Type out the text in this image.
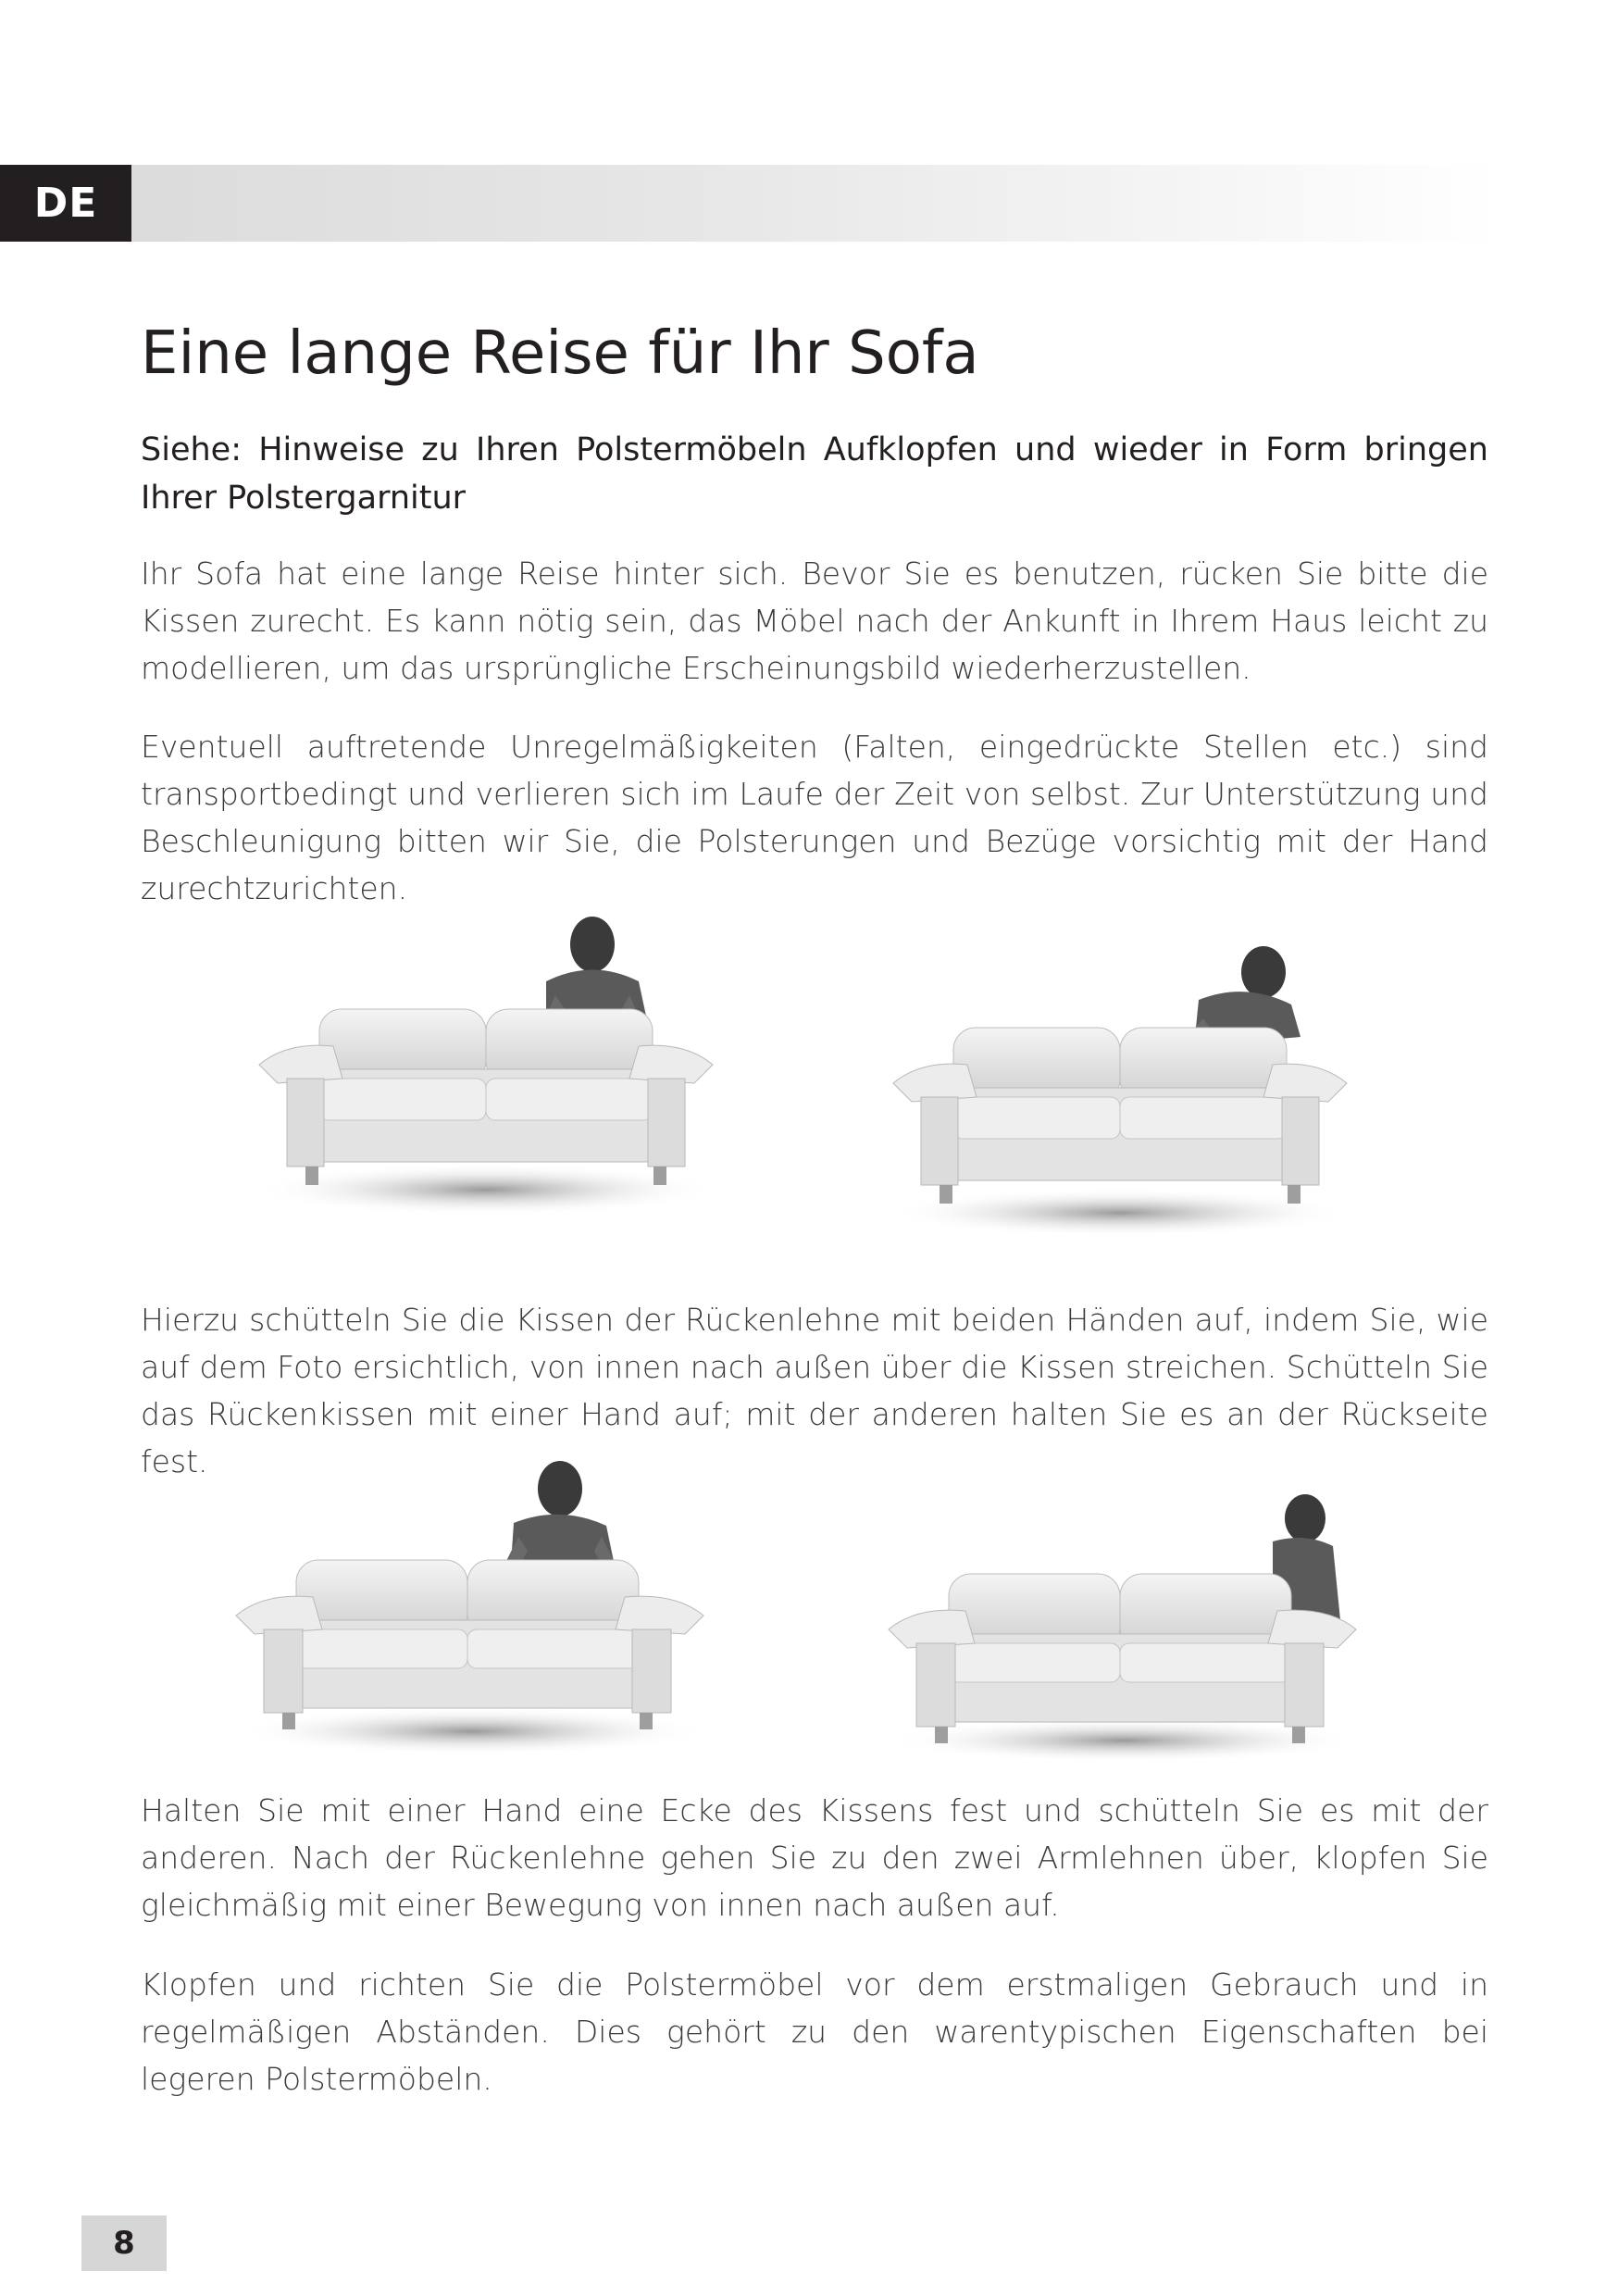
DE
Eine lange Reise für Ihr Sofa

Siehe: Hinweise zu Ihren Polstermöbeln Aufklopfen und wieder in Form bringen Ihrer Polstergarnitur

Ihr Sofa hat eine lange Reise hinter sich. Bevor Sie es benutzen, rücken Sie bitte die Kissen zurecht. Es kann nötig sein, das Möbel nach der Ankunft in Ihrem Haus leicht zu modellieren, um das ursprüngliche Erscheinungsbild wiederherzustellen.

Eventuell auftretende Unregelmäßigkeiten (Falten, eingedrückte Stellen etc.) sind transportbedingt und verlieren sich im Laufe der Zeit von selbst. Zur Unterstützung und Beschleunigung bitten wir Sie, die Polsterungen und Bezüge vorsichtig mit der Hand zurechtzurichten.

Hierzu schütteln Sie die Kissen der Rückenlehne mit beiden Händen auf, indem Sie, wie auf dem Foto ersichtlich, von innen nach außen über die Kissen streichen. Schütteln Sie das Rückenkissen mit einer Hand auf; mit der anderen halten Sie es an der Rückseite fest.

Halten Sie mit einer Hand eine Ecke des Kissens fest und schütteln Sie es mit der anderen. Nach der Rückenlehne gehen Sie zu den zwei Armlehnen über, klopfen Sie gleichmäßig mit einer Bewegung von innen nach außen auf.

Klopfen und richten Sie die Polstermöbel vor dem erstmaligen Gebrauch und in regelmäßigen Abständen. Dies gehört zu den warentypischen Eigenschaften bei legeren Polstermöbeln.

8
